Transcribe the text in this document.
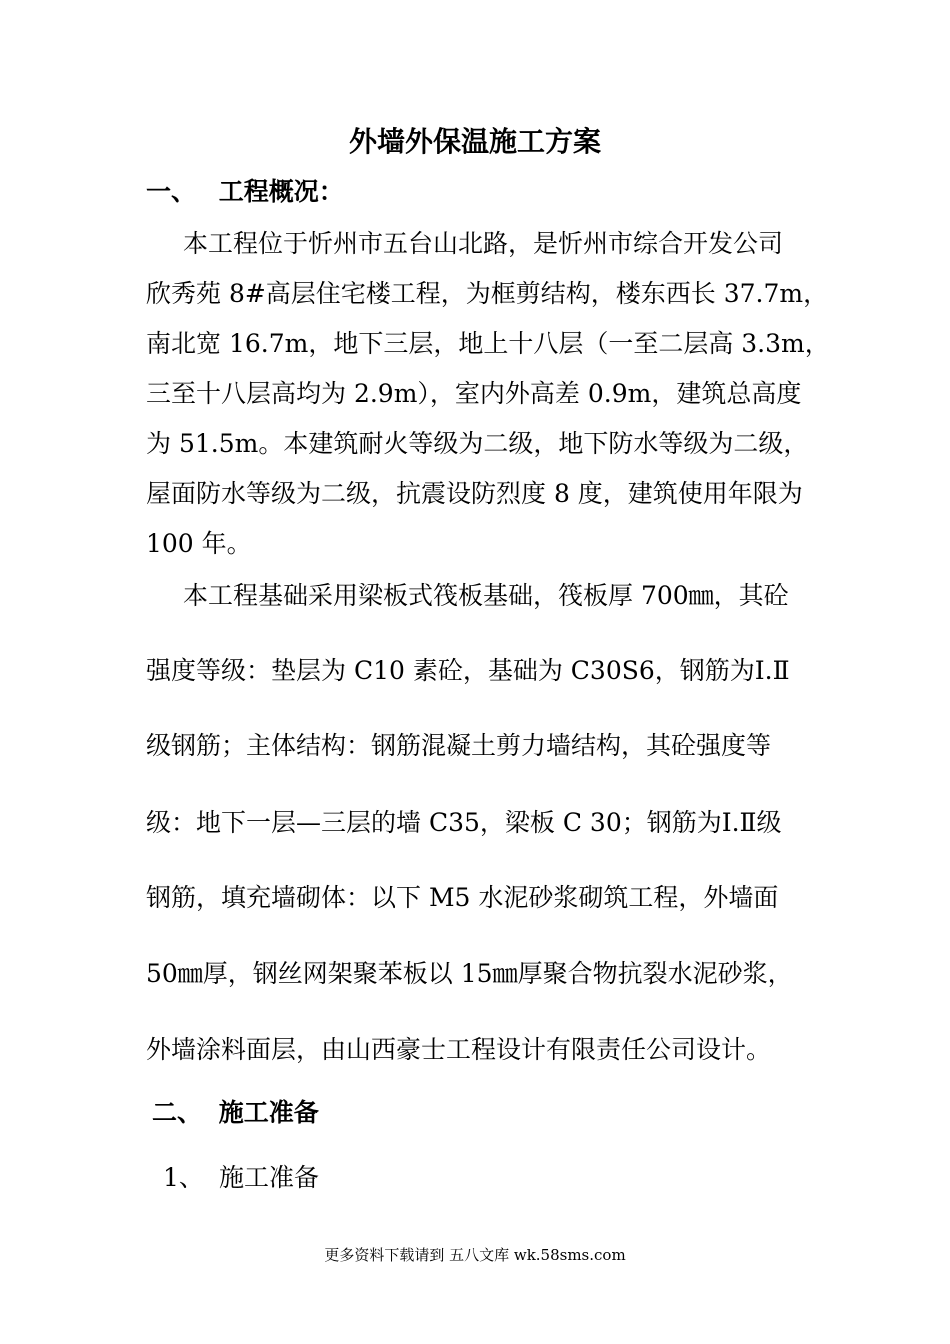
外墙外保温施工方案
一、 工程概况：
本工程位于忻州市五台山北路，是忻州市综合开发公司
欣秀苑 8#高层住宅楼工程，为框剪结构，楼东西长 37.7m，
南北宽 16.7m，地下三层，地上十八层（一至二层高 3.3m，
三至十八层高均为 2.9m），室内外高差 0.9m，建筑总高度
为 51.5m。本建筑耐火等级为二级，地下防水等级为二级，
屋面防水等级为二级，抗震设防烈度 8 度，建筑使用年限为
100 年。
本工程基础采用梁板式筏板基础，筏板厚 700㎜，其砼
强度等级：垫层为 C10 素砼，基础为 C30S6，钢筋为Ⅰ.Ⅱ
级钢筋；主体结构：钢筋混凝土剪力墙结构，其砼强度等
级：地下一层—三层的墙 C35，梁板 C 30；钢筋为Ⅰ.Ⅱ级
钢筋，填充墙砌体：以下 M5 水泥砂浆砌筑工程，外墙面
50㎜厚，钢丝网架聚苯板以 15㎜厚聚合物抗裂水泥砂浆，
外墙涂料面层，由山西豪士工程设计有限责任公司设计。
二、 施工准备
1、 施工准备
更多资料下载请到 五八文库 wk.58sms.com
